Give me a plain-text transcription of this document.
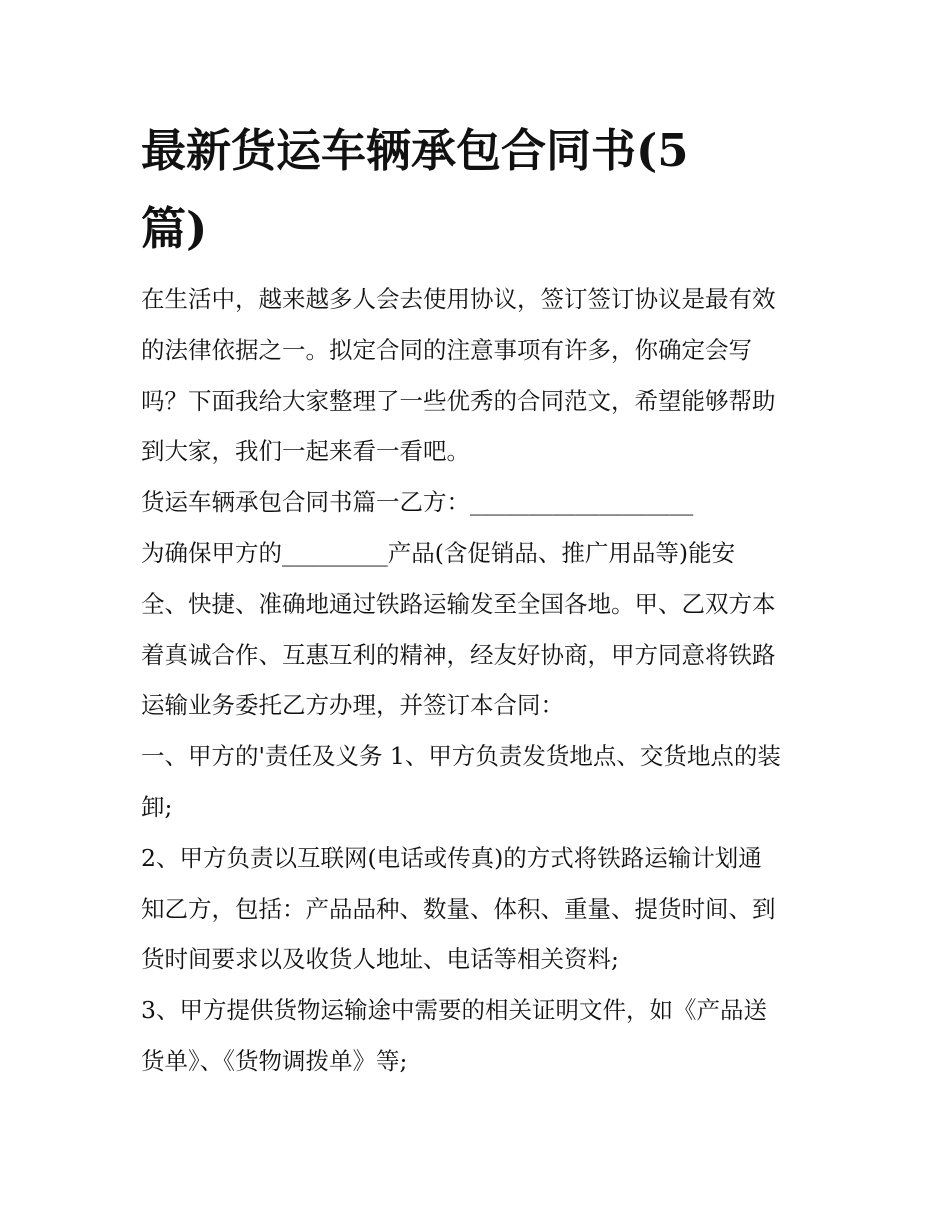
最新货运车辆承包合同书(5
篇)
在生活中，越来越多人会去使用协议，签订签订协议是最有效
的法律依据之一。拟定合同的注意事项有许多，你确定会写
吗？下面我给大家整理了一些优秀的合同范文，希望能够帮助
到大家，我们一起来看一看吧。
货运车辆承包合同书篇一乙方：___________________
为确保甲方的_________产品(含促销品、推广用品等)能安
全、快捷、准确地通过铁路运输发至全国各地。甲、乙双方本
着真诚合作、互惠互利的精神，经友好协商，甲方同意将铁路
运输业务委托乙方办理，并签订本合同：
一、甲方的'责任及义务 1、甲方负责发货地点、交货地点的装
卸;
2、甲方负责以互联网(电话或传真)的方式将铁路运输计划通
知乙方，包括：产品品种、数量、体积、重量、提货时间、到
货时间要求以及收货人地址、电话等相关资料;
3、甲方提供货物运输途中需要的相关证明文件，如《产品送
货单》、《货物调拨单》等;
